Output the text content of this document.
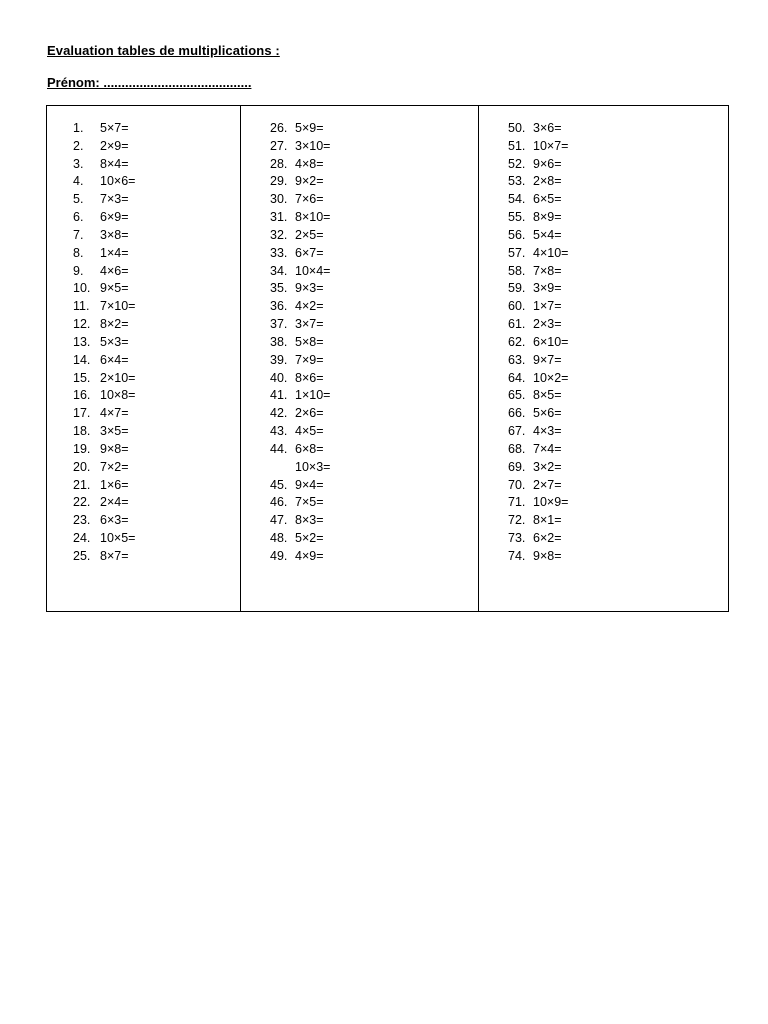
Evaluation tables de multiplications :
Prénom: .........................................
1.	5×7=
2.	2×9=
3.	8×4=
4.	10×6=
5.	7×3=
6.	6×9=
7.	3×8=
8.	1×4=
9.	4×6=
10. 9×5=
11. 7×10=
12. 8×2=
13. 5×3=
14. 6×4=
15. 2×10=
16. 10×8=
17. 4×7=
18. 3×5=
19. 9×8=
20. 7×2=
21. 1×6=
22. 2×4=
23. 6×3=
24. 10×5=
25. 8×7=
26. 5×9=
27. 3×10=
28. 4×8=
29. 9×2=
30. 7×6=
31. 8×10=
32. 2×5=
33. 6×7=
34. 10×4=
35. 9×3=
36. 4×2=
37. 3×7=
38. 5×8=
39. 7×9=
40. 8×6=
41. 1×10=
42. 2×6=
43. 4×5=
44. 6×8=
10×3=
45. 9×4=
46. 7×5=
47. 8×3=
48. 5×2=
49. 4×9=
50. 3×6=
51. 10×7=
52. 9×6=
53. 2×8=
54. 6×5=
55. 8×9=
56. 5×4=
57. 4×10=
58. 7×8=
59. 3×9=
60. 1×7=
61. 2×3=
62. 6×10=
63. 9×7=
64. 10×2=
65. 8×5=
66. 5×6=
67. 4×3=
68. 7×4=
69. 3×2=
70. 2×7=
71. 10×9=
72. 8×1=
73. 6×2=
74. 9×8=
